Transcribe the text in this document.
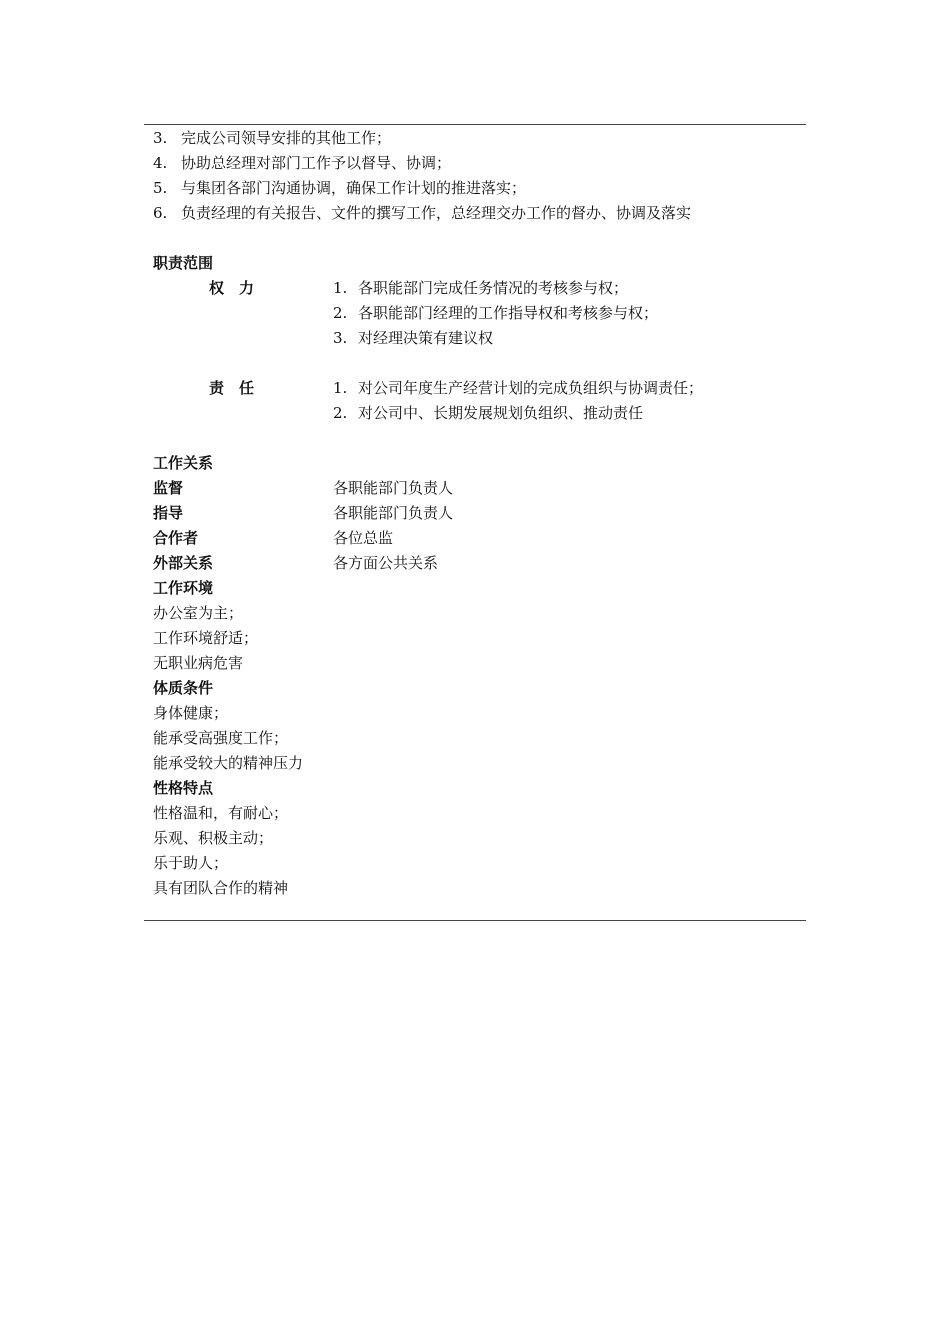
3. 完成公司领导安排的其他工作；
4. 协助总经理对部门工作予以督导、协调；
5. 与集团各部门沟通协调，确保工作计划的推进落实；
6. 负责经理的有关报告、文件的撰写工作，总经理交办工作的督办、协调及落实
职责范围
权　力	1. 各职能部门完成任务情况的考核参与权；
2. 各职能部门经理的工作指导权和考核参与权；
3. 对经理决策有建议权
责　任	1. 对公司年度生产经营计划的完成负组织与协调责任；
2. 对公司中、长期发展规划负组织、推动责任
工作关系
监督	各职能部门负责人
指导	各职能部门负责人
合作者	各位总监
外部关系	各方面公共关系
工作环境
办公室为主；
工作环境舒适；
无职业病危害
体质条件
身体健康；
能承受高强度工作；
能承受较大的精神压力
性格特点
性格温和，有耐心；
乐观、积极主动；
乐于助人；
具有团队合作的精神
